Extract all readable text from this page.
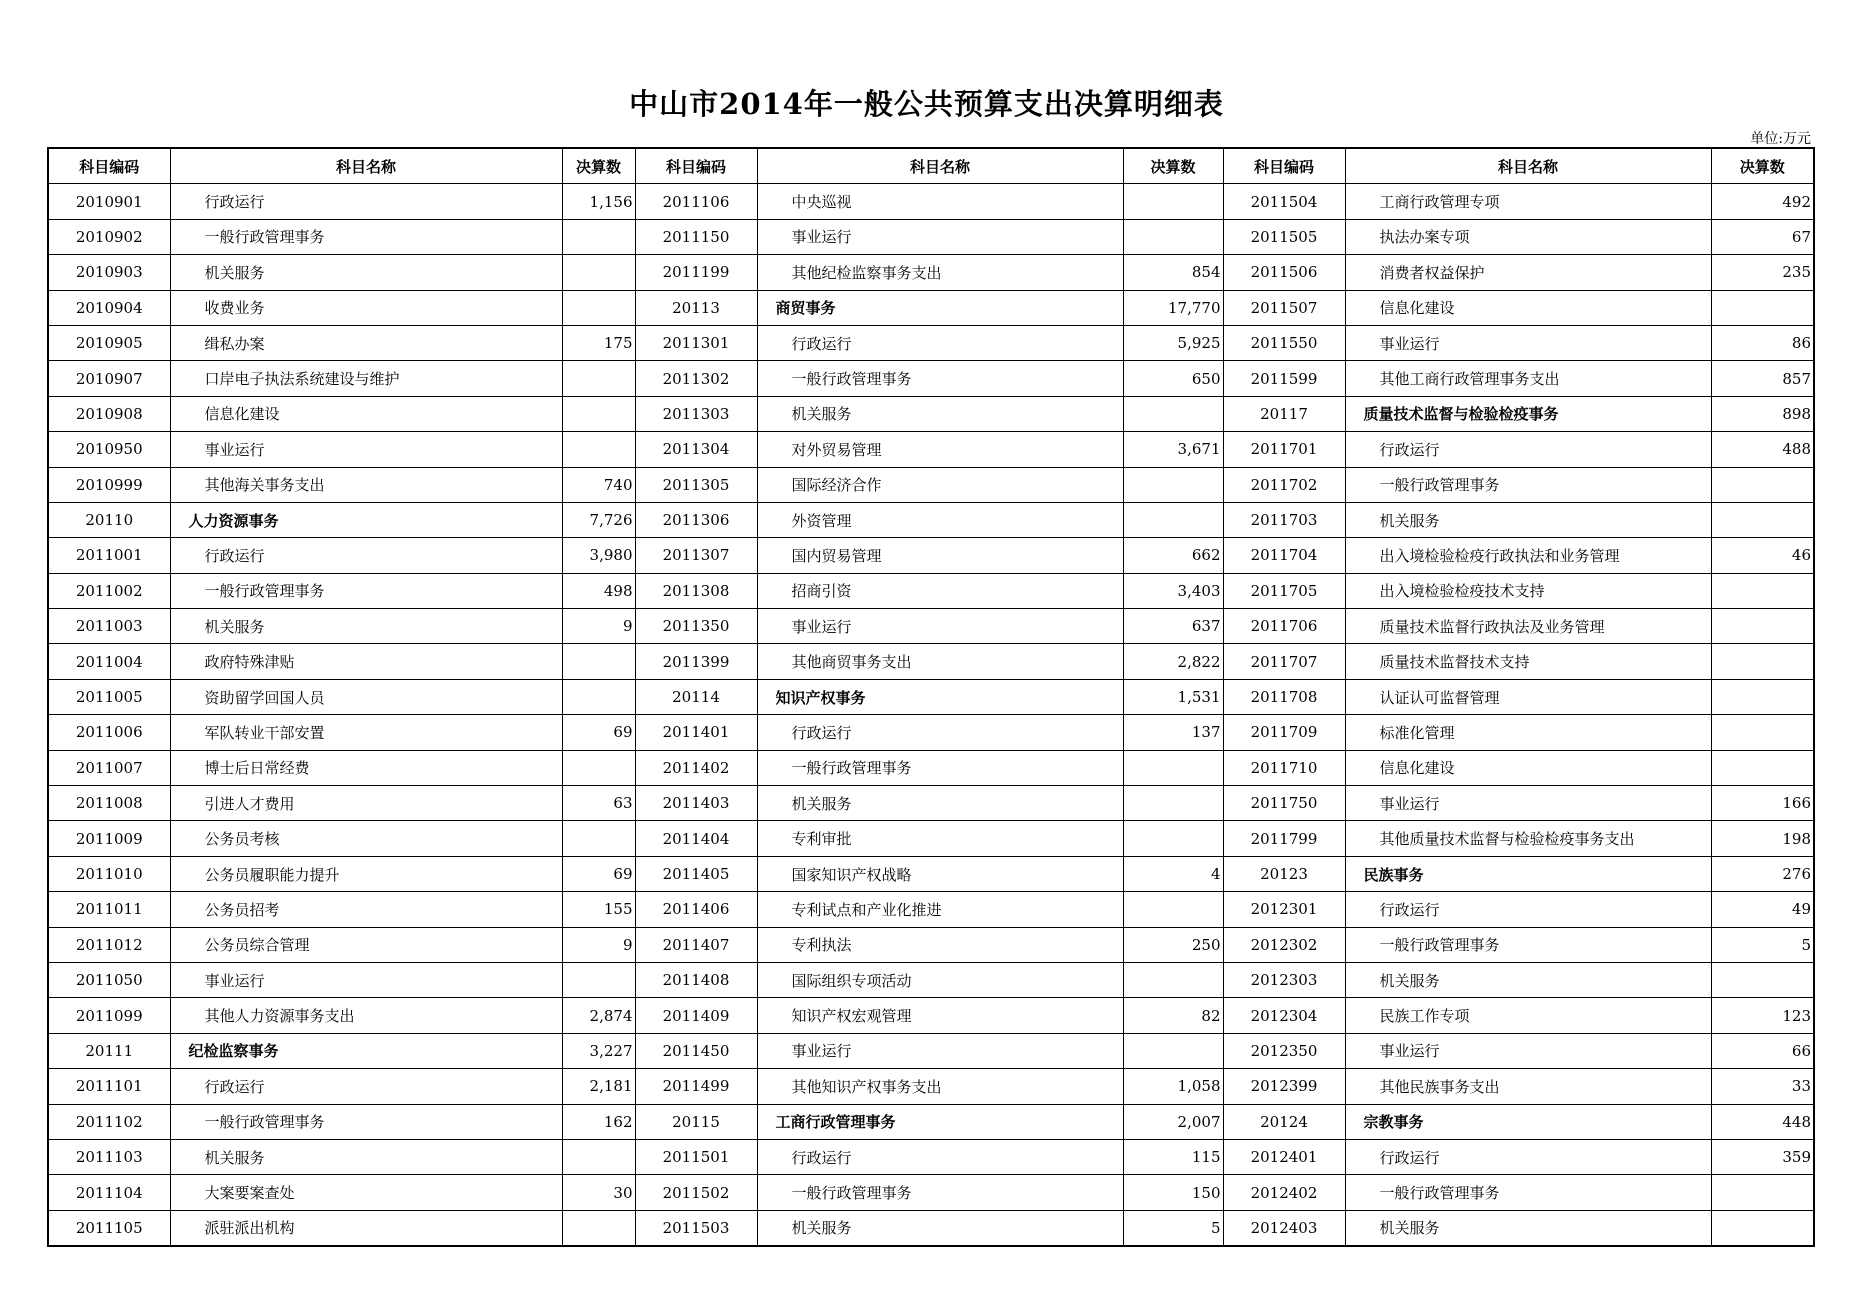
中山市2014年一般公共预算支出决算明细表
单位:万元
科目编码	科目名称	决算数	科目编码	科目名称	决算数	科目编码	科目名称	决算数
2010901	行政运行	1,156	2011106	中央巡视		2011504	工商行政管理专项	492
2010902	一般行政管理事务		2011150	事业运行		2011505	执法办案专项	67
2010903	机关服务		2011199	其他纪检监察事务支出	854	2011506	消费者权益保护	235
2010904	收费业务		20113	商贸事务	17,770	2011507	信息化建设	
2010905	缉私办案	175	2011301	行政运行	5,925	2011550	事业运行	86
2010907	口岸电子执法系统建设与维护		2011302	一般行政管理事务	650	2011599	其他工商行政管理事务支出	857
2010908	信息化建设		2011303	机关服务		20117	质量技术监督与检验检疫事务	898
2010950	事业运行		2011304	对外贸易管理	3,671	2011701	行政运行	488
2010999	其他海关事务支出	740	2011305	国际经济合作		2011702	一般行政管理事务	
20110	人力资源事务	7,726	2011306	外资管理		2011703	机关服务	
2011001	行政运行	3,980	2011307	国内贸易管理	662	2011704	出入境检验检疫行政执法和业务管理	46
2011002	一般行政管理事务	498	2011308	招商引资	3,403	2011705	出入境检验检疫技术支持	
2011003	机关服务	9	2011350	事业运行	637	2011706	质量技术监督行政执法及业务管理	
2011004	政府特殊津贴		2011399	其他商贸事务支出	2,822	2011707	质量技术监督技术支持	
2011005	资助留学回国人员		20114	知识产权事务	1,531	2011708	认证认可监督管理	
2011006	军队转业干部安置	69	2011401	行政运行	137	2011709	标准化管理	
2011007	博士后日常经费		2011402	一般行政管理事务		2011710	信息化建设	
2011008	引进人才费用	63	2011403	机关服务		2011750	事业运行	166
2011009	公务员考核		2011404	专利审批		2011799	其他质量技术监督与检验检疫事务支出	198
2011010	公务员履职能力提升	69	2011405	国家知识产权战略	4	20123	民族事务	276
2011011	公务员招考	155	2011406	专利试点和产业化推进		2012301	行政运行	49
2011012	公务员综合管理	9	2011407	专利执法	250	2012302	一般行政管理事务	5
2011050	事业运行		2011408	国际组织专项活动		2012303	机关服务	
2011099	其他人力资源事务支出	2,874	2011409	知识产权宏观管理	82	2012304	民族工作专项	123
20111	纪检监察事务	3,227	2011450	事业运行		2012350	事业运行	66
2011101	行政运行	2,181	2011499	其他知识产权事务支出	1,058	2012399	其他民族事务支出	33
2011102	一般行政管理事务	162	20115	工商行政管理事务	2,007	20124	宗教事务	448
2011103	机关服务		2011501	行政运行	115	2012401	行政运行	359
2011104	大案要案查处	30	2011502	一般行政管理事务	150	2012402	一般行政管理事务	
2011105	派驻派出机构		2011503	机关服务	5	2012403	机关服务	
